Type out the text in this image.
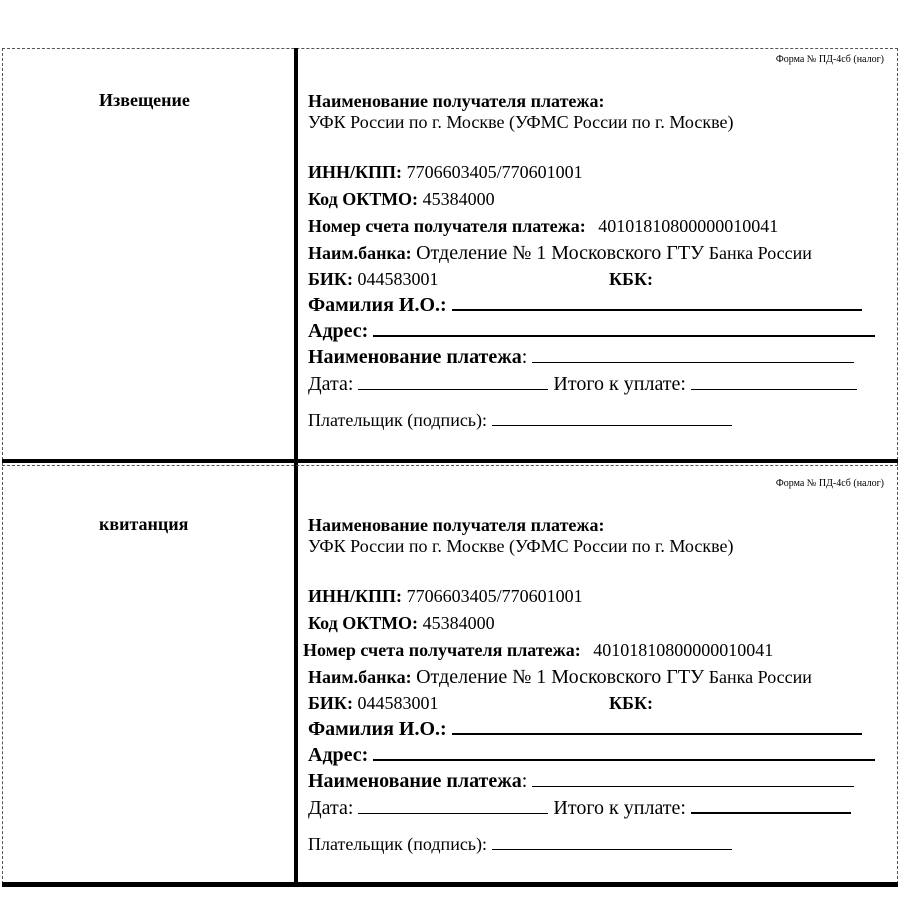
Извещение
Форма № ПД-4сб (налог)
Наименование получателя платежа:
УФК России по г. Москве (УФМС России по г. Москве)
ИНН/КПП: 7706603405/770601001
Код ОКТМО: 45384000
Номер счета получателя платежа: 40101810800000010041
Наим.банка: Отделение № 1 Московского ГТУ Банка России
БИК: 044583001	КБК:
Фамилия И.О.:
Адрес:
Наименование платежа:
Дата:	Итого к уплате:
Плательщик (подпись):
квитанция
Форма № ПД-4сб (налог)
Наименование получателя платежа:
УФК России по г. Москве (УФМС России по г. Москве)
ИНН/КПП: 7706603405/770601001
Код ОКТМО: 45384000
Номер счета получателя платежа: 40101810800000010041
Наим.банка: Отделение № 1 Московского ГТУ Банка России
БИК: 044583001	КБК:
Фамилия И.О.:
Адрес:
Наименование платежа:
Дата:	Итого к уплате:
Плательщик (подпись):
